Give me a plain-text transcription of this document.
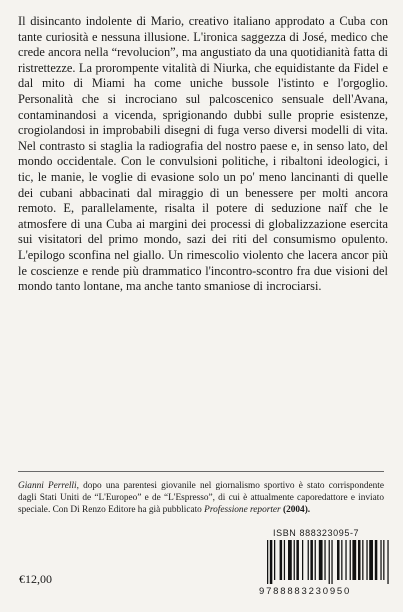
Il disincanto indolente di Mario, creativo italiano approdato a Cuba con tante curiosità e nessuna illusione. L'ironica saggezza di José, medico che crede ancora nella “revolucion”, ma angustiato da una quotidianità fatta di ristrettezze. La prorompente vitalità di Niurka, che equidistante da Fidel e dal mito di Miami ha come uniche bussole l'istinto e l'orgoglio. Personalità che si incrociano sul palcoscenico sensuale dell'Avana, contaminandosi a vicenda, sprigionando dubbi sulle proprie esistenze, crogiolandosi in improbabili disegni di fuga verso diversi modelli di vita. Nel contrasto si staglia la radiografia del nostro paese e, in senso lato, del mondo occidentale. Con le convulsioni politiche, i ribaltoni ideologici, i tic, le manie, le voglie di evasione solo un po' meno lancinanti di quelle dei cubani abbacinati dal miraggio di un benessere per molti ancora remoto. E, parallelamente, risalta il potere di seduzione naïf che le atmosfere di una Cuba ai margini dei processi di globalizzazione esercita sui visitatori del primo mondo, sazi dei riti del consumismo opulento. L'epilogo sconfina nel giallo. Un rimescolio violento che lacera ancor più le coscienze e rende più drammatico l'incontro-scontro fra due visioni del mondo tanto lontane, ma anche tanto smaniose di incrociarsi.

Gianni Perrelli, dopo una parentesi giovanile nel giornalismo sportivo è stato corrispondente dagli Stati Uniti de “L'Europeo” e de “L'Espresso”, di cui è attualmente caporedattore e inviato speciale. Con Di Renzo Editore ha già pubblicato Professione reporter (2004).

ISBN 888323095-7
9788883230950
€12,00
